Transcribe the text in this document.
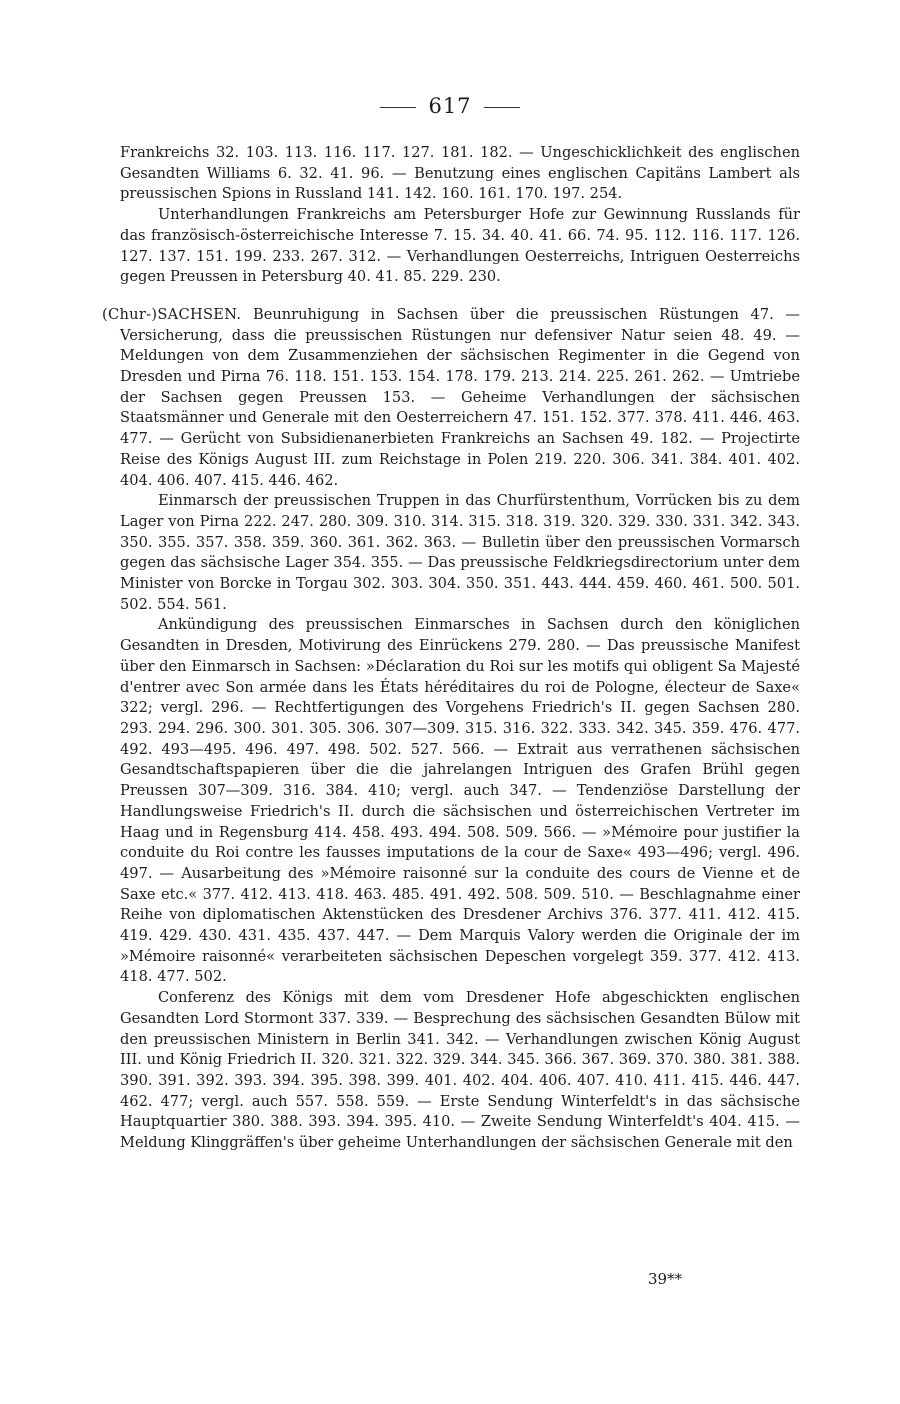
617

Frankreichs 32. 103. 113. 116. 117. 127. 181. 182. — Ungeschicklichkeit des englischen Gesandten Williams 6. 32. 41. 96. — Benutzung eines englischen Capitäns Lambert als preussischen Spions in Russland 141. 142. 160. 161. 170. 197. 254.

Unterhandlungen Frankreichs am Petersburger Hofe zur Gewinnung Russlands für das französisch-österreichische Interesse 7. 15. 34. 40. 41. 66. 74. 95. 112. 116. 117. 126. 127. 137. 151. 199. 233. 267. 312. — Verhandlungen Oesterreichs, Intriguen Oesterreichs gegen Preussen in Petersburg 40. 41. 85. 229. 230.

(Chur-)SACHSEN. Beunruhigung in Sachsen über die preussischen Rüstungen 47. — Versicherung, dass die preussischen Rüstungen nur defensiver Natur seien 48. 49. — Meldungen von dem Zusammenziehen der sächsischen Regimenter in die Gegend von Dresden und Pirna 76. 118. 151. 153. 154. 178. 179. 213. 214. 225. 261. 262. — Umtriebe der Sachsen gegen Preussen 153. — Geheime Verhandlungen der sächsischen Staatsmänner und Generale mit den Oesterreichern 47. 151. 152. 377. 378. 411. 446. 463. 477. — Gerücht von Subsidienanerbieten Frankreichs an Sachsen 49. 182. — Projectirte Reise des Königs August III. zum Reichstage in Polen 219. 220. 306. 341. 384. 401. 402. 404. 406. 407. 415. 446. 462.

Einmarsch der preussischen Truppen in das Churfürstenthum, Vorrücken bis zu dem Lager von Pirna 222. 247. 280. 309. 310. 314. 315. 318. 319. 320. 329. 330. 331. 342. 343. 350. 355. 357. 358. 359. 360. 361. 362. 363. — Bulletin über den preussischen Vormarsch gegen das sächsische Lager 354. 355. — Das preussische Feldkriegsdirectorium unter dem Minister von Borcke in Torgau 302. 303. 304. 350. 351. 443. 444. 459. 460. 461. 500. 501. 502. 554. 561.

Ankündigung des preussischen Einmarsches in Sachsen durch den königlichen Gesandten in Dresden, Motivirung des Einrückens 279. 280. — Das preussische Manifest über den Einmarsch in Sachsen: »Déclaration du Roi sur les motifs qui obligent Sa Majesté d'entrer avec Son armée dans les États héréditaires du roi de Pologne, électeur de Saxe« 322; vergl. 296. — Rechtfertigungen des Vorgehens Friedrich's II. gegen Sachsen 280. 293. 294. 296. 300. 301. 305. 306. 307—309. 315. 316. 322. 333. 342. 345. 359. 476. 477. 492. 493—495. 496. 497. 498. 502. 527. 566. — Extrait aus verrathenen sächsischen Gesandtschaftspapieren über die die jahrelangen Intriguen des Grafen Brühl gegen Preussen 307—309. 316. 384. 410; vergl. auch 347. — Tendenziöse Darstellung der Handlungsweise Friedrich's II. durch die sächsischen und österreichischen Vertreter im Haag und in Regensburg 414. 458. 493. 494. 508. 509. 566. — »Mémoire pour justifier la conduite du Roi contre les fausses imputations de la cour de Saxe« 493—496; vergl. 496. 497. — Ausarbeitung des »Mémoire raisonné sur la conduite des cours de Vienne et de Saxe etc.« 377. 412. 413. 418. 463. 485. 491. 492. 508. 509. 510. — Beschlagnahme einer Reihe von diplomatischen Aktenstücken des Dresdener Archivs 376. 377. 411. 412. 415. 419. 429. 430. 431. 435. 437. 447. — Dem Marquis Valory werden die Originale der im »Mémoire raisonné« verarbeiteten sächsischen Depeschen vorgelegt 359. 377. 412. 413. 418. 477. 502.

Conferenz des Königs mit dem vom Dresdener Hofe abgeschickten englischen Gesandten Lord Stormont 337. 339. — Besprechung des sächsischen Gesandten Bülow mit den preussischen Ministern in Berlin 341. 342. — Verhandlungen zwischen König August III. und König Friedrich II. 320. 321. 322. 329. 344. 345. 366. 367. 369. 370. 380. 381. 388. 390. 391. 392. 393. 394. 395. 398. 399. 401. 402. 404. 406. 407. 410. 411. 415. 446. 447. 462. 477; vergl. auch 557. 558. 559. — Erste Sendung Winterfeldt's in das sächsische Hauptquartier 380. 388. 393. 394. 395. 410. — Zweite Sendung Winterfeldt's 404. 415. — Meldung Klinggräffen's über geheime Unterhandlungen der sächsischen Generale mit den

39**
